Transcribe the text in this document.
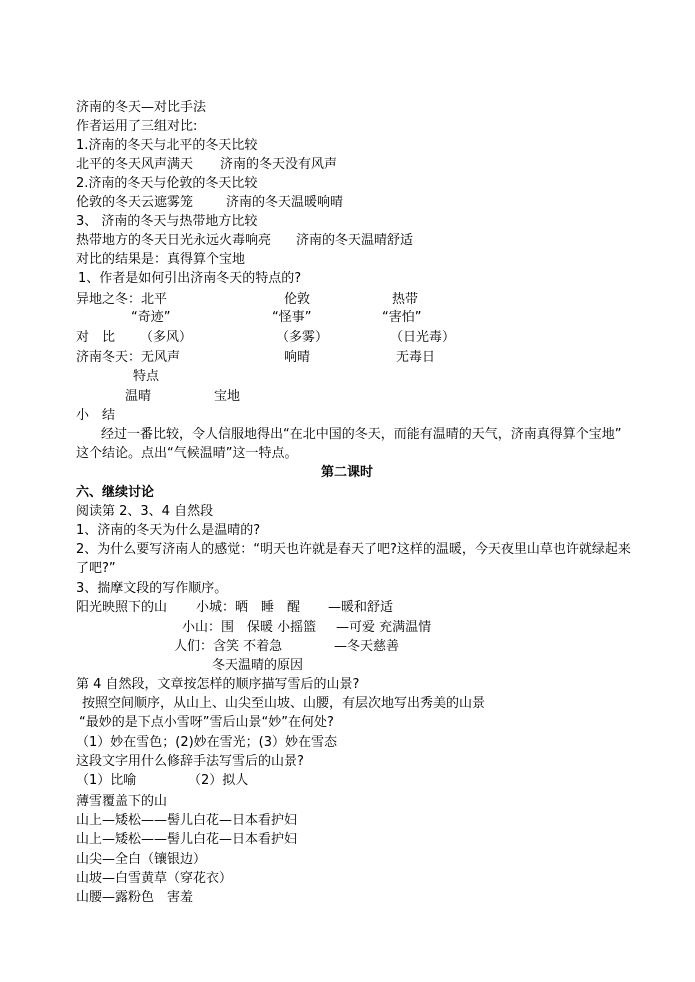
济南的冬天—对比手法
作者运用了三组对比:
1.济南的冬天与北平的冬天比较
北平的冬天风声满天 济南的冬天没有风声
2.济南的冬天与伦敦的冬天比较
伦敦的冬天云遮雾笼	济南的冬天温暖响晴
3、 济南的冬天与热带地方比较
热带地方的冬天日光永远火毒响亮 济南的冬天温晴舒适
对比的结果是：真得算个宝地
1、作者是如何引出济南冬天的特点的?
异地之冬：北平	伦敦	热带
“奇迹”	“怪事”	“害怕”
对　比 （多风）	（多雾）	（日光毒）
济南冬天：无风声	响晴	无毒日
特点
温晴	宝地
小　结
经过一番比较，令人信服地得出“在北中国的冬天，而能有温晴的天气，济南真得算个宝地”
这个结论。点出“气候温晴”这一特点。
第二课时
六、继续讨论
阅读第 2、3、4 自然段
1、济南的冬天为什么是温晴的?
2、为什么要写济南人的感觉：“明天也许就是春天了吧?这样的温暖，今天夜里山草也许就绿起来
了吧?”
3、揣摩文段的写作顺序。
阳光映照下的山 小城：晒　睡　醒 —暖和舒适
小山：围　保暖 小摇篮 —可爱 充满温情
人们：含笑 不着急	—冬天慈善
冬天温晴的原因
第 4 自然段，文章按怎样的顺序描写雪后的山景?
按照空间顺序，从山上、山尖至山坡、山腰，有层次地写出秀美的山景
“最妙的是下点小雪呀”雪后山景“妙”在何处?
（1）妙在雪色；(2)妙在雪光；(3）妙在雪态
这段文字用什么修辞手法写雪后的山景?
（1）比喻	（2）拟人
薄雪覆盖下的山
山上—矮松——髻儿白花—日本看护妇
山上—矮松——髻儿白花—日本看护妇
山尖—全白（镶银边）
山坡—白雪黄草（穿花衣）
山腰—露粉色　害羞
